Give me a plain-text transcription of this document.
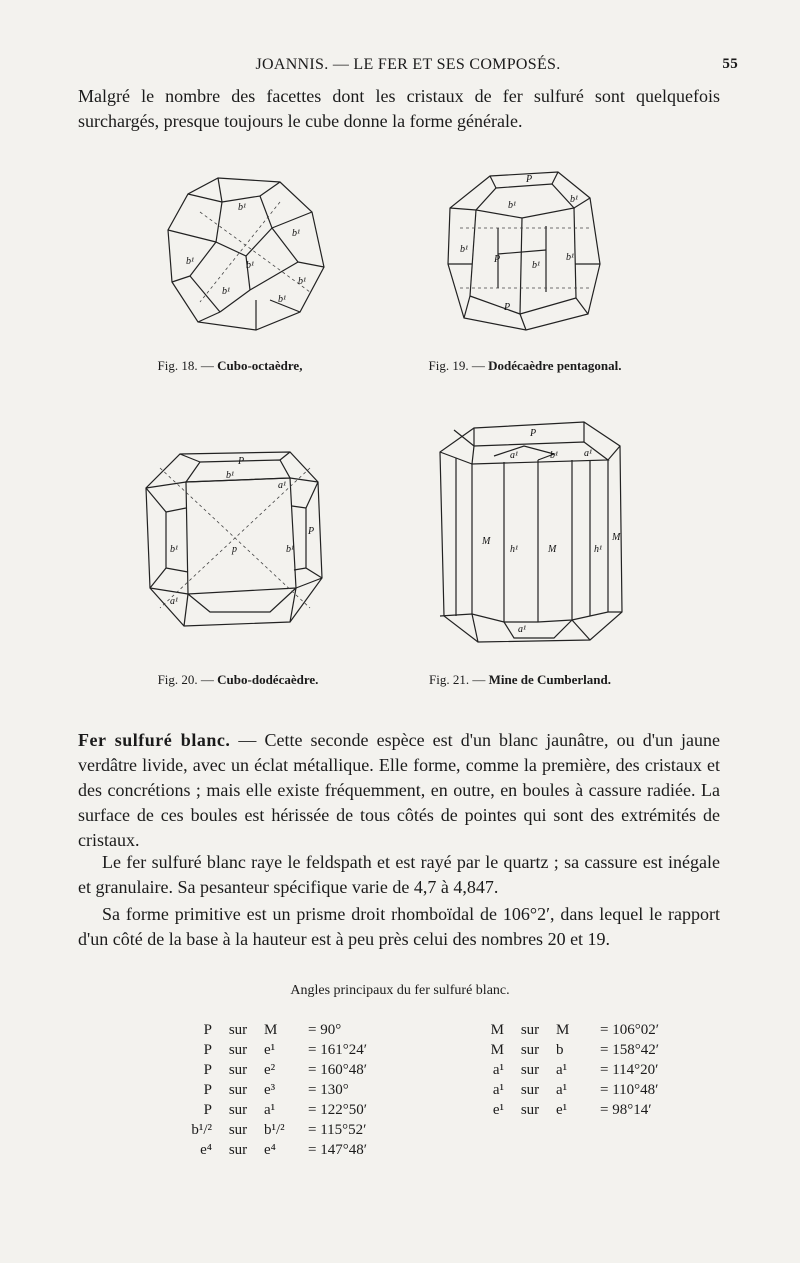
JOANNIS. — LE FER ET SES COMPOSÉS.	55
Malgré le nombre des facettes dont les cristaux de fer sulfuré sont quelquefois surchargés, presque toujours le cube donne la forme générale.
b¹
b¹
b¹	b¹
b¹
b¹
b¹
Fig. 18. — Cubo-octaèdre,
P
b¹
b¹
b¹
P
b¹
b¹
P
Fig. 19. — Dodécaèdre pentagonal.
P
b¹
a¹
p
b¹	b¹
P
a¹
Fig. 20. — Cubo-dodécaèdre.
P
a¹	b¹	a¹
M
M
M
h¹	h¹
a¹
Fig. 21. — Mine de Cumberland.
Fer sulfuré blanc. — Cette seconde espèce est d'un blanc jaunâtre, ou d'un jaune verdâtre livide, avec un éclat métallique. Elle forme, comme la première, des cristaux et des concrétions ; mais elle existe fréquemment, en outre, en boules à cassure radiée. La surface de ces boules est hérissée de tous côtés de pointes qui sont des extrémités de cristaux.
Le fer sulfuré blanc raye le feldspath et est rayé par le quartz ; sa cassure est inégale et granulaire. Sa pesanteur spécifique varie de 4,7 à 4,847.
Sa forme primitive est un prisme droit rhomboïdal de 106°2′, dans lequel le rapport d'un côté de la base à la hauteur est à peu près celui des nombres 20 et 19.
Angles principaux du fer sulfuré blanc.
P	sur	M	= 90°		M	sur	M	= 106°02′
P	sur	e¹	= 161°24′		M	sur	b	= 158°42′
P	sur	e²	= 160°48′		a¹	sur	a¹	= 114°20′
P	sur	e³	= 130°		a¹	sur	a¹	= 110°48′
P	sur	a¹	= 122°50′		e¹	sur	e¹	= 98°14′
b¹/²	sur	b¹/²	= 115°52′					
e⁴	sur	e⁴	= 147°48′					
